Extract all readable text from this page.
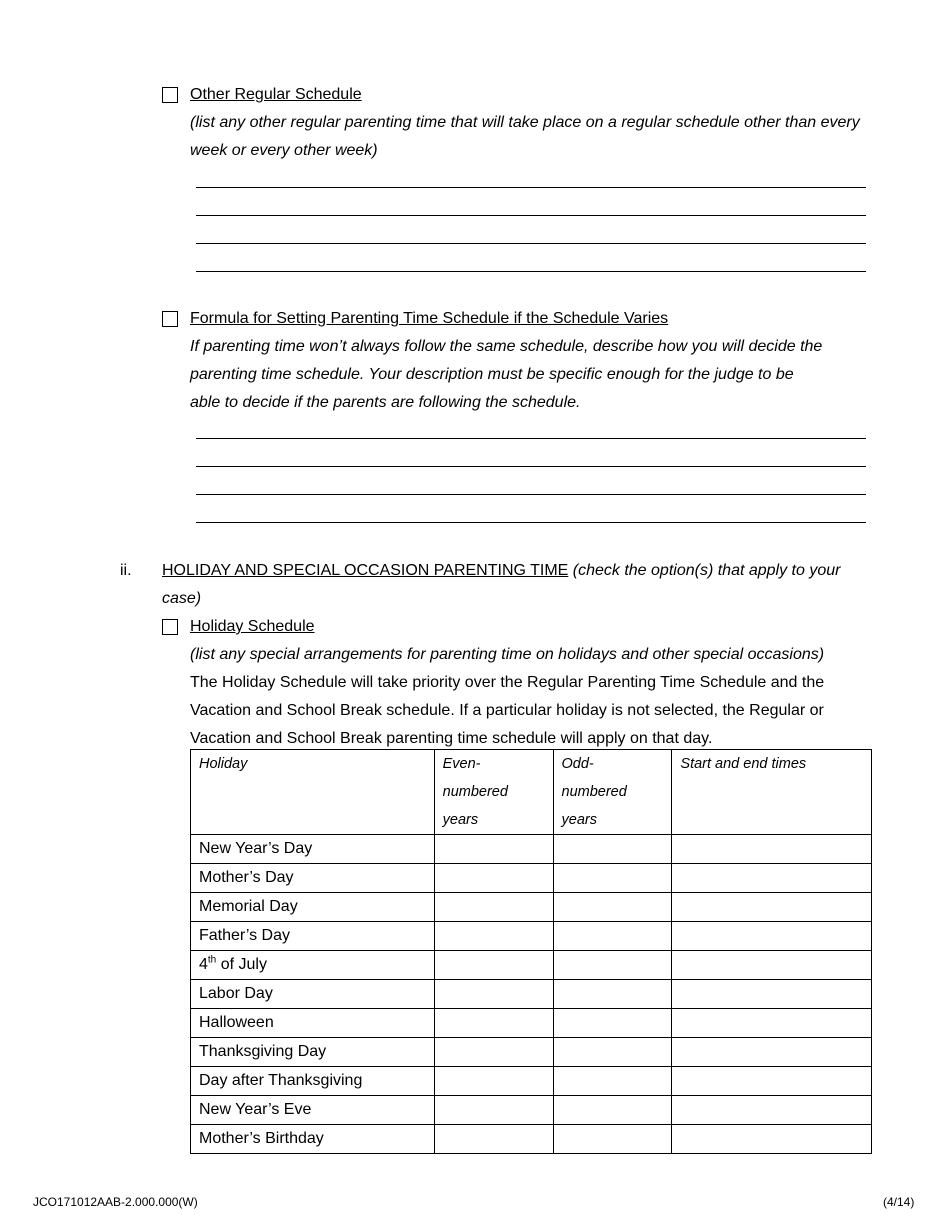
Other Regular Schedule
(list any other regular parenting time that will take place on a regular schedule other than every week or every other week)
Formula for Setting Parenting Time Schedule if the Schedule Varies
If parenting time won’t always follow the same schedule, describe how you will decide the
parenting time schedule. Your description must be specific enough for the judge to be
able to decide if the parents are following the schedule.
ii. HOLIDAY AND SPECIAL OCCASION PARENTING TIME (check the option(s) that apply to your
case)
Holiday Schedule
(list any special arrangements for parenting time on holidays and other special occasions)
The Holiday Schedule will take priority over the Regular Parenting Time Schedule and the
Vacation and School Break schedule. If a particular holiday is not selected, the Regular or
Vacation and School Break parenting time schedule will apply on that day.
Holiday	Even-
numbered
years	Odd-
numbered
years	Start and end times
New Year’s Day			
Mother’s Day			
Memorial Day			
Father’s Day			
4th of July			
Labor Day			
Halloween			
Thanksgiving Day			
Day after Thanksgiving			
New Year’s Eve			
Mother’s Birthday			
JCO171012AAB-2.000.000(W)	(4/14)
